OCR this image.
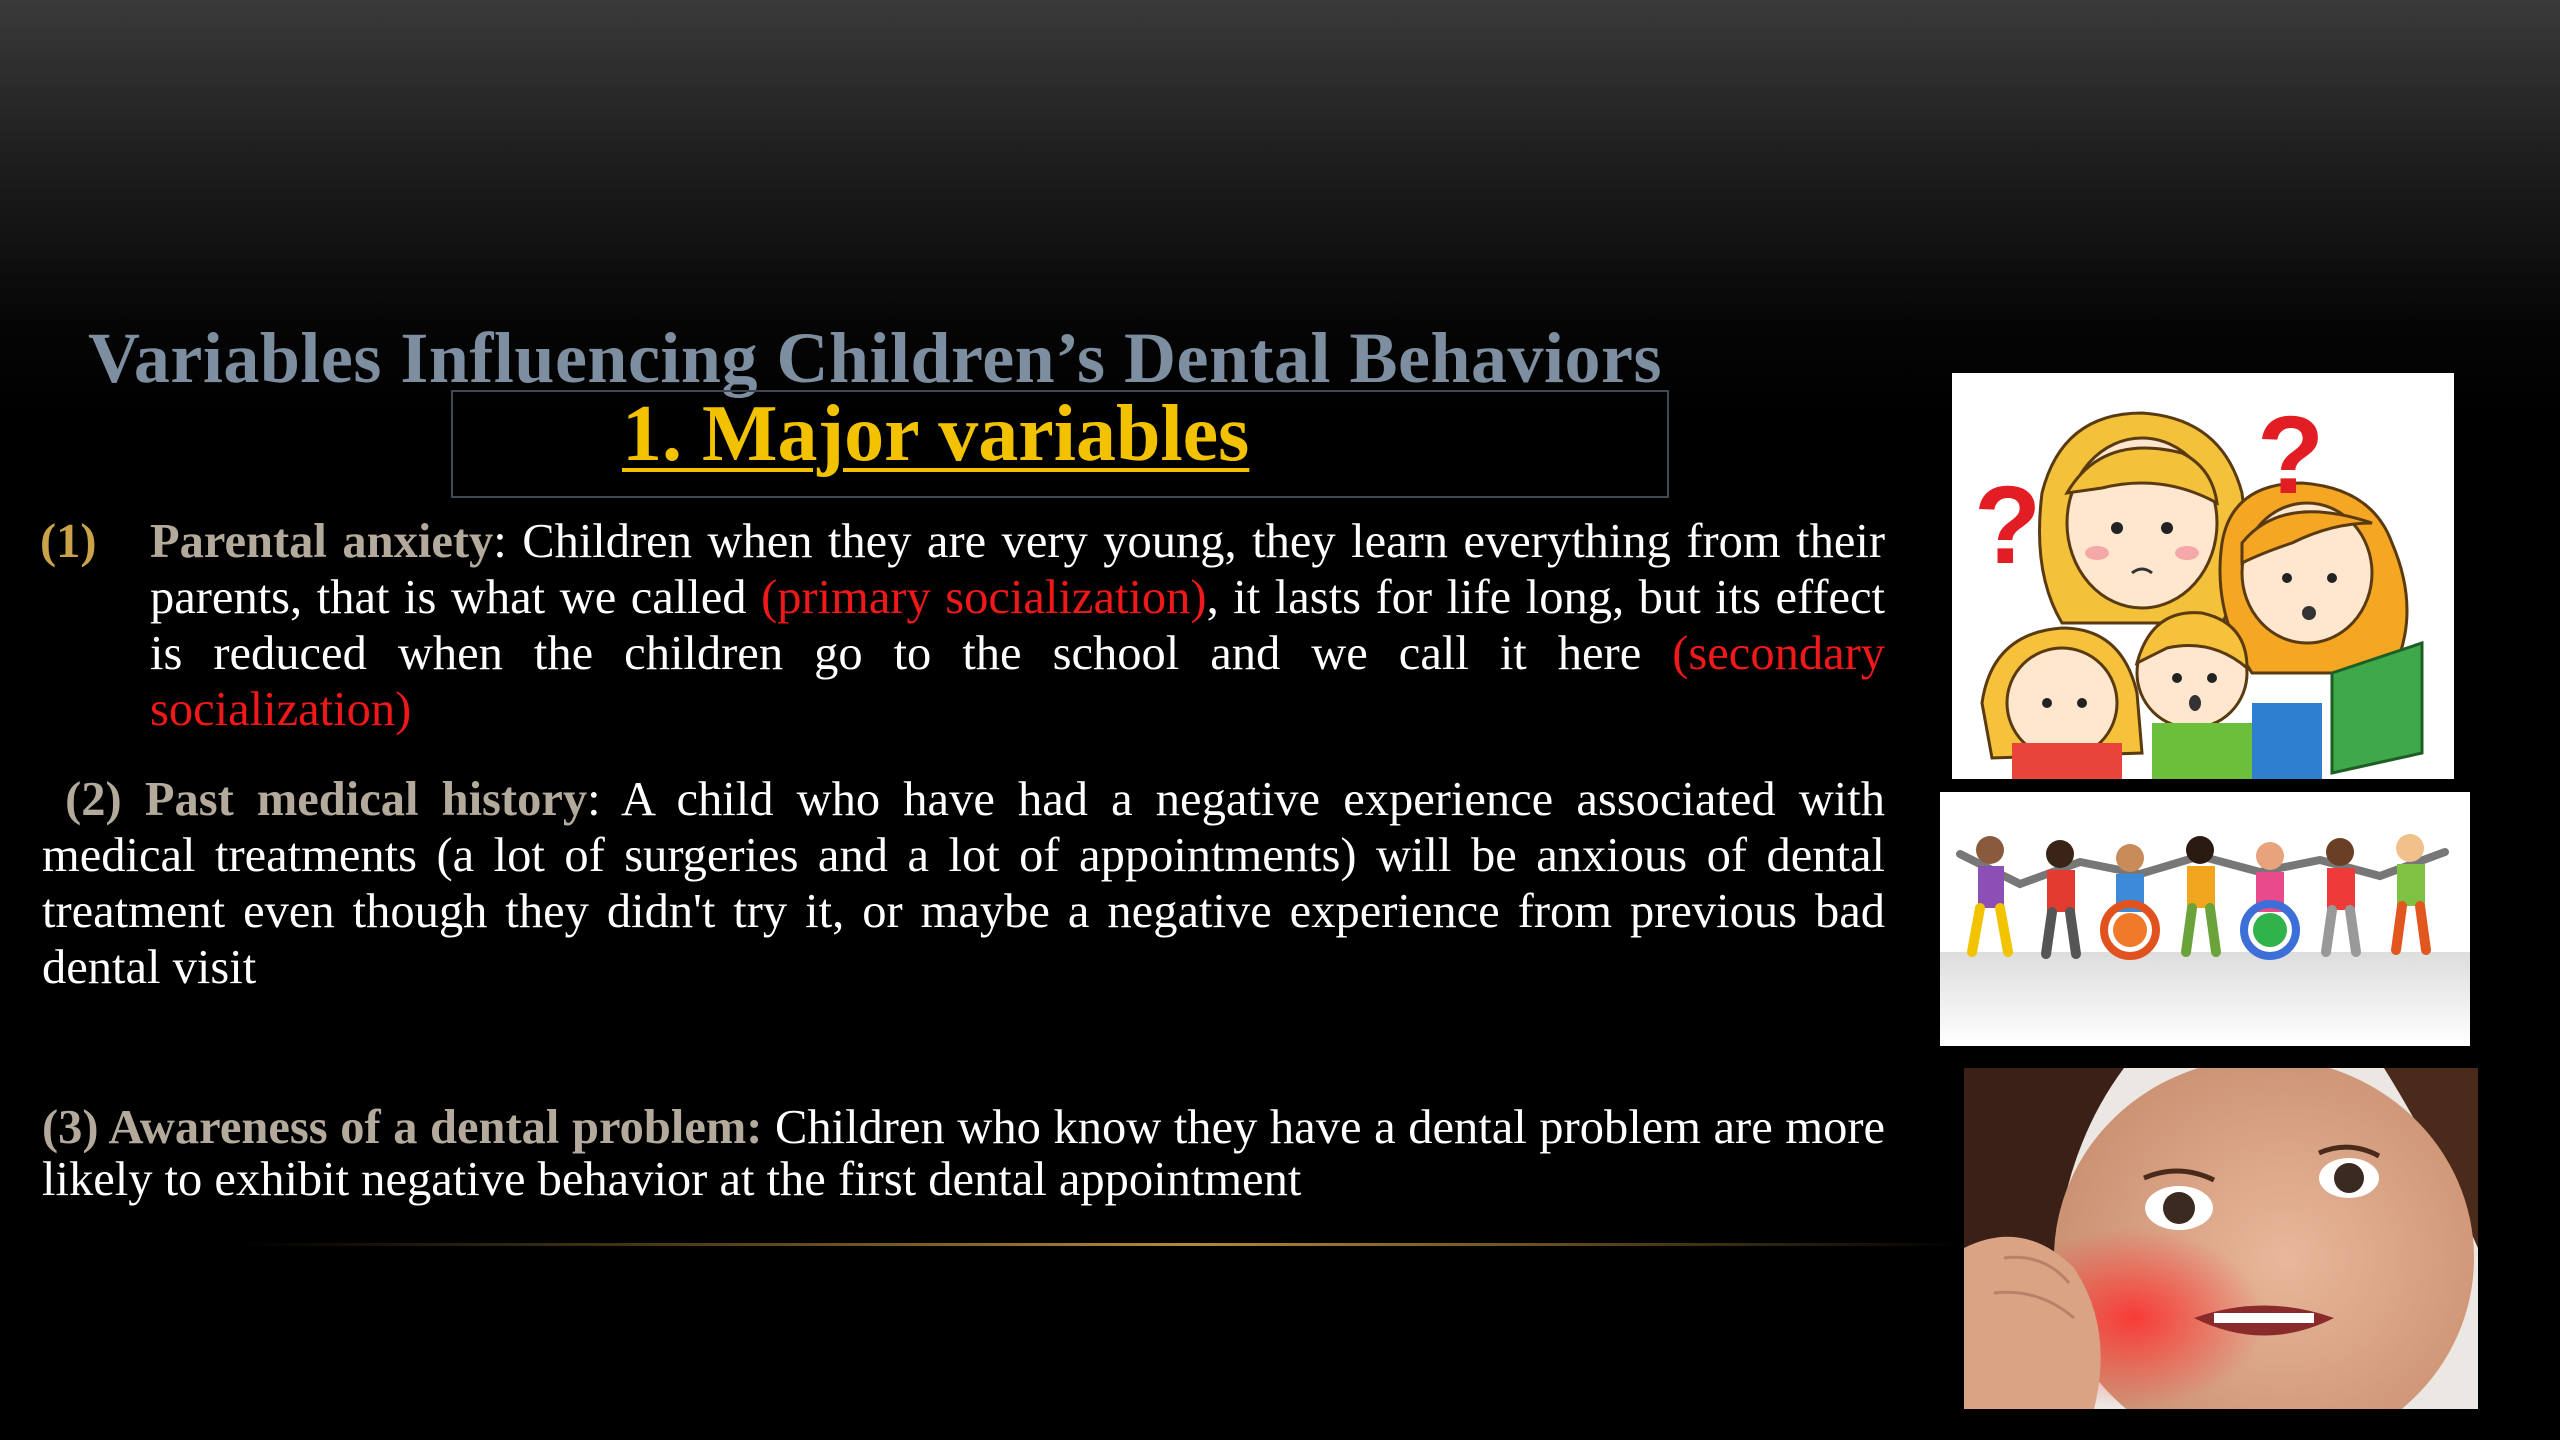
Variables Influencing Children’s Dental Behaviors
1. Major variables
(1) Parental anxiety: Children when they are very young, they learn everything from their parents, that is what we called (primary socialization), it lasts for life long, but its effect is reduced when the children go to the school and we call it here (secondary socialization)
(2) Past medical history: A child who have had a negative experience associated with medical treatments (a lot of surgeries and a lot of appointments) will be anxious of dental treatment even though they didn't try it, or maybe a negative experience from previous bad dental visit
(3) Awareness of a dental problem: Children who know they have a dental problem are more likely to exhibit negative behavior at the first dental appointment
?
?
